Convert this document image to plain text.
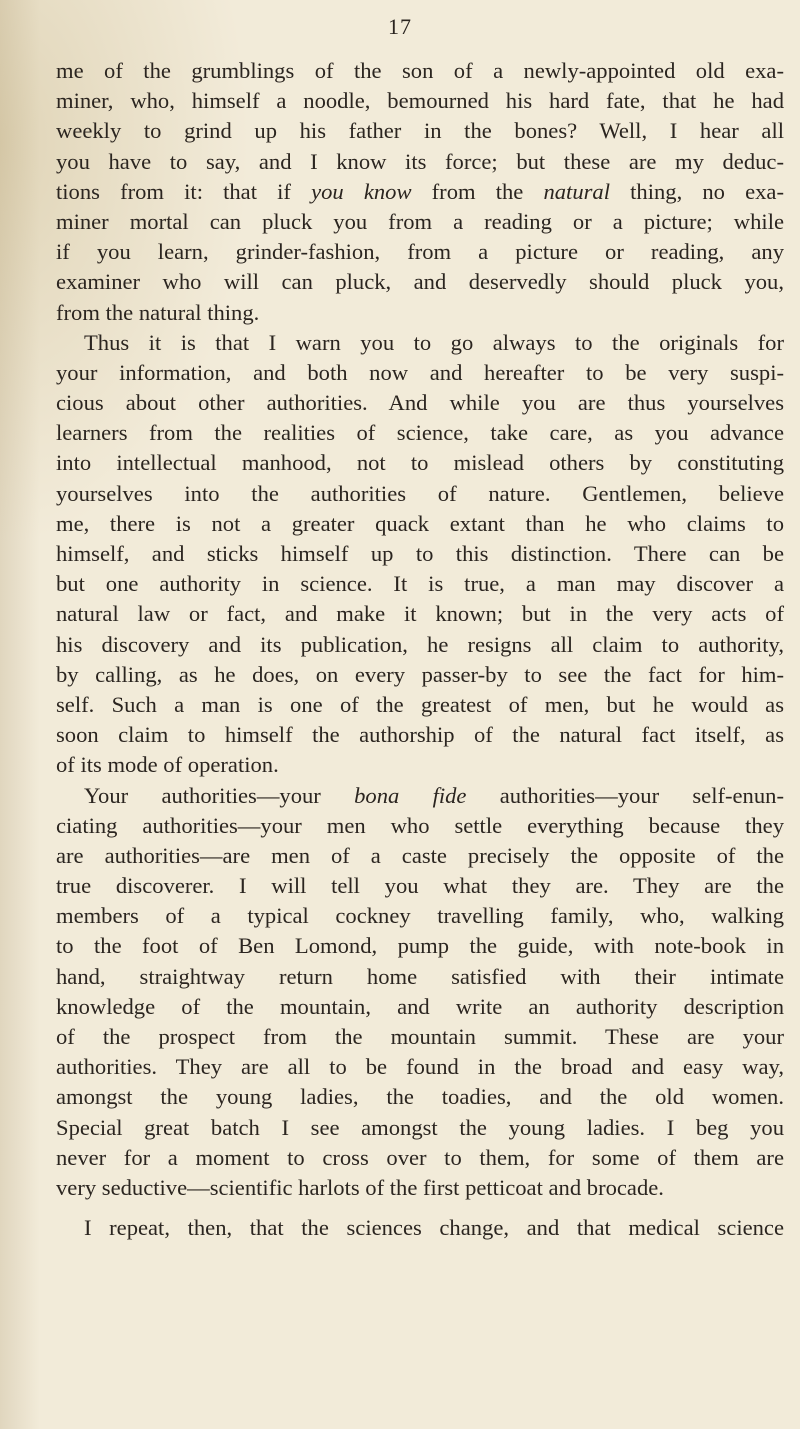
17
me of the grumblings of the son of a newly-appointed old exa-
miner, who, himself a noodle, bemourned his hard fate, that he had
weekly to grind up his father in the bones? Well, I hear all
you have to say, and I know its force; but these are my deduc-
tions from it: that if you know from the natural thing, no exa-
miner mortal can pluck you from a reading or a picture; while
if you learn, grinder-fashion, from a picture or reading, any
examiner who will can pluck, and deservedly should pluck you,
from the natural thing.
Thus it is that I warn you to go always to the originals for
your information, and both now and hereafter to be very suspi-
cious about other authorities. And while you are thus yourselves
learners from the realities of science, take care, as you advance
into intellectual manhood, not to mislead others by constituting
yourselves into the authorities of nature. Gentlemen, believe
me, there is not a greater quack extant than he who claims to
himself, and sticks himself up to this distinction. There can be
but one authority in science. It is true, a man may discover a
natural law or fact, and make it known; but in the very acts of
his discovery and its publication, he resigns all claim to authority,
by calling, as he does, on every passer-by to see the fact for him-
self. Such a man is one of the greatest of men, but he would as
soon claim to himself the authorship of the natural fact itself, as
of its mode of operation.
Your authorities—your bona fide authorities—your self-enun-
ciating authorities—your men who settle everything because they
are authorities—are men of a caste precisely the opposite of the
true discoverer. I will tell you what they are. They are the
members of a typical cockney travelling family, who, walking
to the foot of Ben Lomond, pump the guide, with note-book in
hand, straightway return home satisfied with their intimate
knowledge of the mountain, and write an authority description
of the prospect from the mountain summit. These are your
authorities. They are all to be found in the broad and easy way,
amongst the young ladies, the toadies, and the old women.
Special great batch I see amongst the young ladies. I beg you
never for a moment to cross over to them, for some of them are
very seductive—scientific harlots of the first petticoat and brocade.
I repeat, then, that the sciences change, and that medical science
